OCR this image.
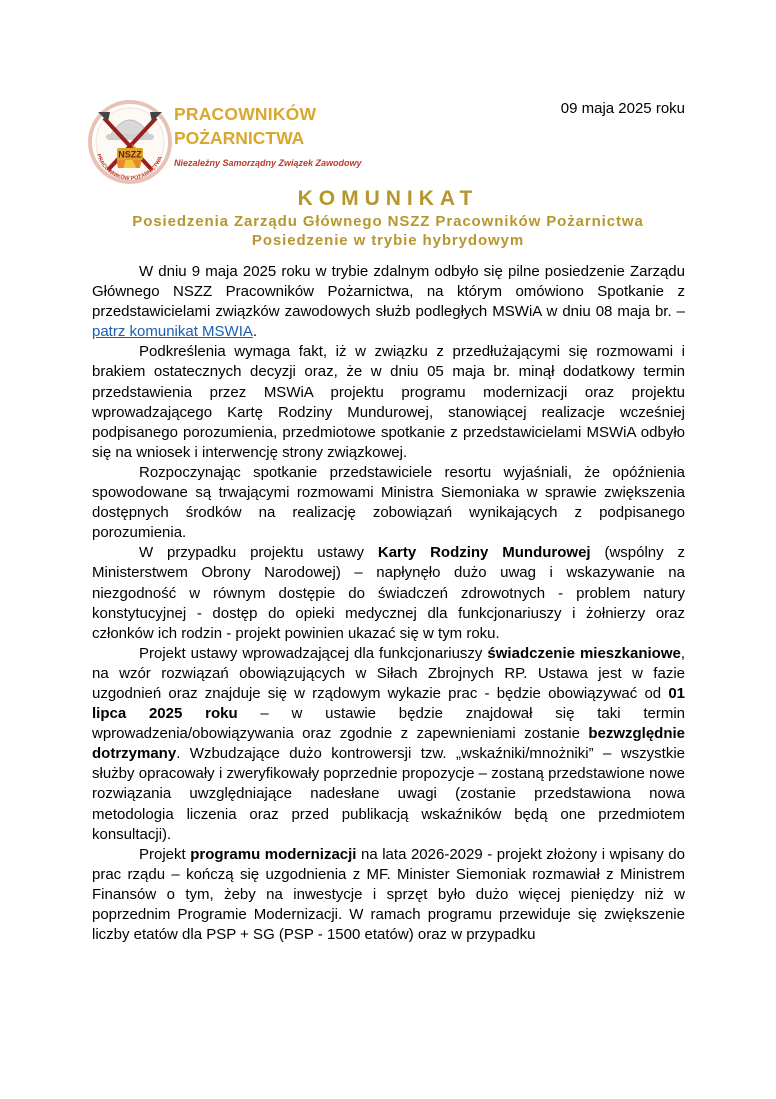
NSZZ
PRACOWNIKÓW POŻARNICTWA
PRACOWNIKÓW
POŻARNICTWA
Niezależny Samorządny Związek Zawodowy
09 maja 2025 roku

KOMUNIKAT

Posiedzenia Zarządu Głównego NSZZ Pracowników Pożarnictwa

Posiedzenie w trybie hybrydowym

W dniu 9 maja 2025 roku w trybie zdalnym odbyło się pilne posiedzenie Zarządu Głównego NSZZ Pracowników Pożarnictwa, na którym omówiono Spotkanie z przedstawicielami związków zawodowych służb podległych MSWiA w dniu 08 maja br. – patrz komunikat MSWIA.

Podkreślenia wymaga fakt, iż w związku z przedłużającymi się rozmowami i brakiem ostatecznych decyzji oraz, że w dniu 05 maja br. minął dodatkowy termin przedstawienia przez MSWiA projektu programu modernizacji oraz projektu wprowadzającego Kartę Rodziny Mundurowej, stanowiącej realizacje wcześniej podpisanego porozumienia, przedmiotowe spotkanie z przedstawicielami MSWiA odbyło się na wniosek i interwencję strony związkowej.

Rozpoczynając spotkanie przedstawiciele resortu wyjaśniali, że opóźnienia spowodowane są trwającymi rozmowami Ministra Siemoniaka w sprawie zwiększenia dostępnych środków na realizację zobowiązań wynikających z podpisanego porozumienia.

W przypadku projektu ustawy Karty Rodziny Mundurowej (wspólny z Ministerstwem Obrony Narodowej) – napłynęło dużo uwag i wskazywanie na niezgodność w równym dostępie do świadczeń zdrowotnych - problem natury konstytucyjnej - dostęp do opieki medycznej dla funkcjonariuszy i żołnierzy oraz członków ich rodzin - projekt powinien ukazać się w tym roku.

Projekt ustawy wprowadzającej dla funkcjonariuszy świadczenie mieszkaniowe, na wzór rozwiązań obowiązujących w Siłach Zbrojnych RP. Ustawa jest w fazie uzgodnień oraz znajduje się w rządowym wykazie prac - będzie obowiązywać od 01 lipca 2025 roku – w ustawie będzie znajdował się taki termin wprowadzenia/obowiązywania oraz zgodnie z zapewnieniami zostanie bezwzględnie dotrzymany. Wzbudzające dużo kontrowersji tzw. „wskaźniki/mnożniki” – wszystkie służby opracowały i zweryfikowały poprzednie propozycje – zostaną przedstawione nowe rozwiązania uwzględniające nadesłane uwagi (zostanie przedstawiona nowa metodologia liczenia oraz przed publikacją wskaźników będą one przedmiotem konsultacji).

Projekt programu modernizacji na lata 2026-2029 - projekt złożony i wpisany do prac rządu – kończą się uzgodnienia z MF. Minister Siemoniak rozmawiał z Ministrem Finansów o tym, żeby na inwestycje i sprzęt było dużo więcej pieniędzy niż w poprzednim Programie Modernizacji. W ramach programu przewiduje się zwiększenie liczby etatów dla PSP + SG (PSP - 1500 etatów) oraz w przypadku
